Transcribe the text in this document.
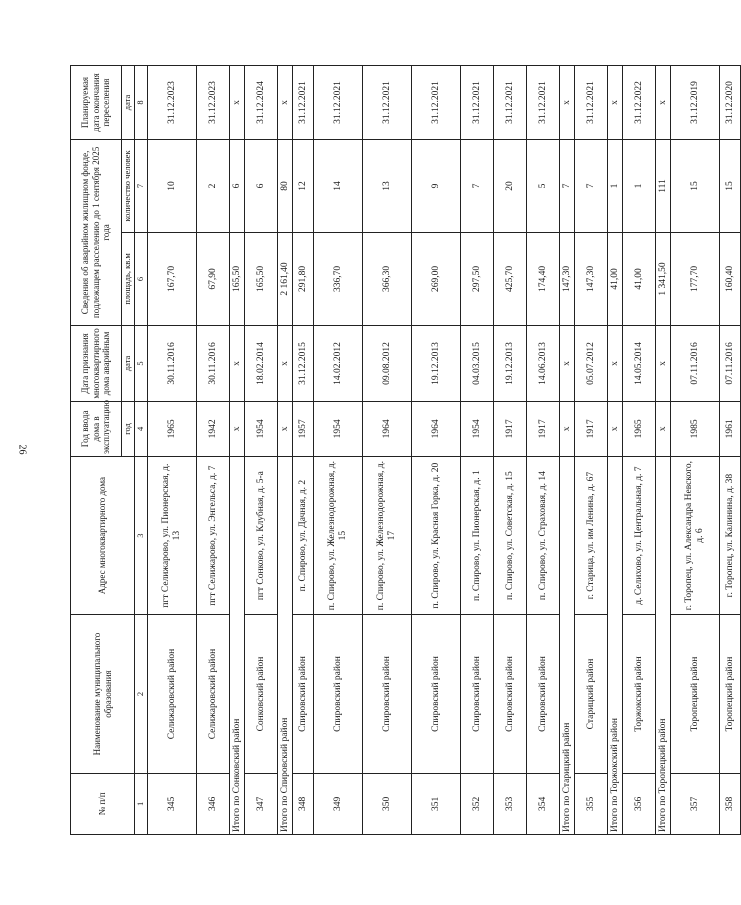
26
№ п/п	Наименование муниципального образования	Адрес многоквартирного дома	Год ввода дома в эксплуатацию	Дата признания многоквартирного дома аварийным	Сведения об аварийном жилищном фонде, подлежащем расселению до 1 сентября 2025 года		Планируемая дата окончания переселения
			год	дата	площадь, кв.м	количество человек	дата
1	2	3	4	5	6	7	8
345	Селижаровский район	пгт Селижарово, ул. Пионерская, д. 13	1965	30.11.2016	167,70	10	31.12.2023
346	Селижаровский район	пгт Селижарово, ул. Энгельса, д. 7	1942	30.11.2016	67,90	2	31.12.2023
Итого по Сонковский район			х	х	165,50	6	х
347	Сонковский район	пгт Сонково, ул. Клубная, д. 5-а	1954	18.02.2014	165,50	6	31.12.2024
Итого по Спировский район			х	х	2 161,40	80	х
348	Спировский район	п. Спирово, ул. Дачная, д. 2	1957	31.12.2015	291,80	12	31.12.2021
349	Спировский район	п. Спирово, ул. Железнодорожная, д. 15	1954	14.02.2012	336,70	14	31.12.2021
350	Спировский район	п. Спирово, ул. Железнодорожная, д. 17	1964	09.08.2012	366,30	13	31.12.2021
351	Спировский район	п. Спирово, ул. Красная Горка, д. 20	1964	19.12.2013	269,00	9	31.12.2021
352	Спировский район	п. Спирово, ул. Пионерская, д. 1	1954	04.03.2015	297,50	7	31.12.2021
353	Спировский район	п. Спирово, ул. Советская, д. 15	1917	19.12.2013	425,70	20	31.12.2021
354	Спировский район	п. Спирово, ул. Страховая, д. 14	1917	14.06.2013	174,40	5	31.12.2021
Итого по Старицкий район			х	х	147,30	7	х
355	Старицкий район	г. Старица, ул. им Ленина, д. 67	1917	05.07.2012	147,30	7	31.12.2021
Итого по Торжокский район			х	х	41,00	1	х
356	Торжокский район	д. Селихово, ул. Центральная, д. 7	1965	14.05.2014	41,00	1	31.12.2022
Итого по Торопецкий район			х	х	1 341,50	111	х
357	Торопецкий район	г. Торопец, ул. Александра Невского, д. 6	1985	07.11.2016	177,70	15	31.12.2019
358	Торопецкий район	г. Торопец, ул. Калинина, д. 38	1961	07.11.2016	160,40	15	31.12.2020
